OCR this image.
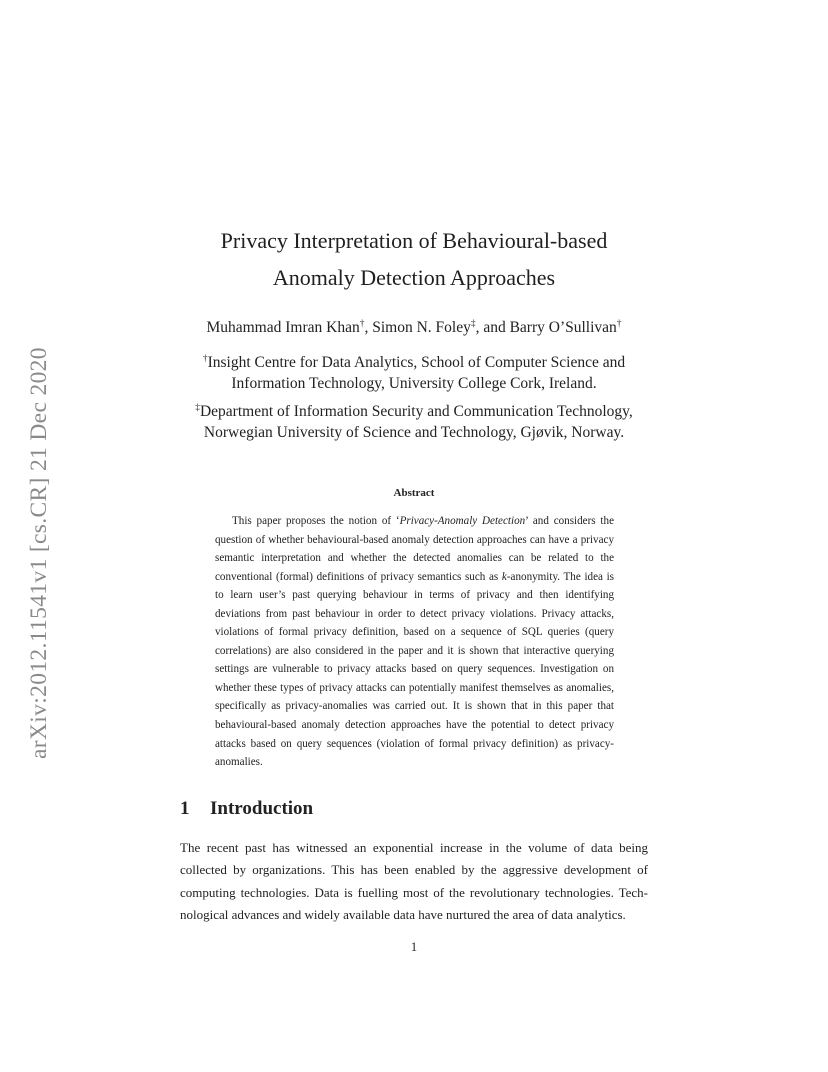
arXiv:2012.11541v1 [cs.CR] 21 Dec 2020
Privacy Interpretation of Behavioural-based
Anomaly Detection Approaches
Muhammad Imran Khan†, Simon N. Foley‡, and Barry O’Sullivan†
†Insight Centre for Data Analytics, School of Computer Science and
Information Technology, University College Cork, Ireland.
‡Department of Information Security and Communication Technology,
Norwegian University of Science and Technology, Gjøvik, Norway.
Abstract
This paper proposes the notion of ‘Privacy-Anomaly Detection’ and considers the question of whether behavioural-based anomaly detection approaches can have a privacy semantic interpretation and whether the detected anomalies can be related to the conventional (formal) definitions of privacy semantics such as k-anonymity. The idea is to learn user’s past querying behaviour in terms of privacy and then identifying deviations from past behaviour in order to detect privacy violations. Privacy attacks, violations of formal privacy definition, based on a sequence of SQL queries (query correlations) are also considered in the paper and it is shown that interactive querying settings are vulnerable to privacy attacks based on query sequences. Investigation on whether these types of privacy attacks can potentially manifest themselves as anomalies, specifically as privacy-anomalies was carried out. It is shown that in this paper that behavioural-based anomaly detection approaches have the potential to detect privacy attacks based on query sequences (violation of formal privacy definition) as privacy-anomalies.
1 Introduction
The recent past has witnessed an exponential increase in the volume of data being collected by organizations. This has been enabled by the aggressive development of computing technologies. Data is fuelling most of the revolutionary technologies. Technological advances and widely available data have nurtured the area of data analytics.
1
